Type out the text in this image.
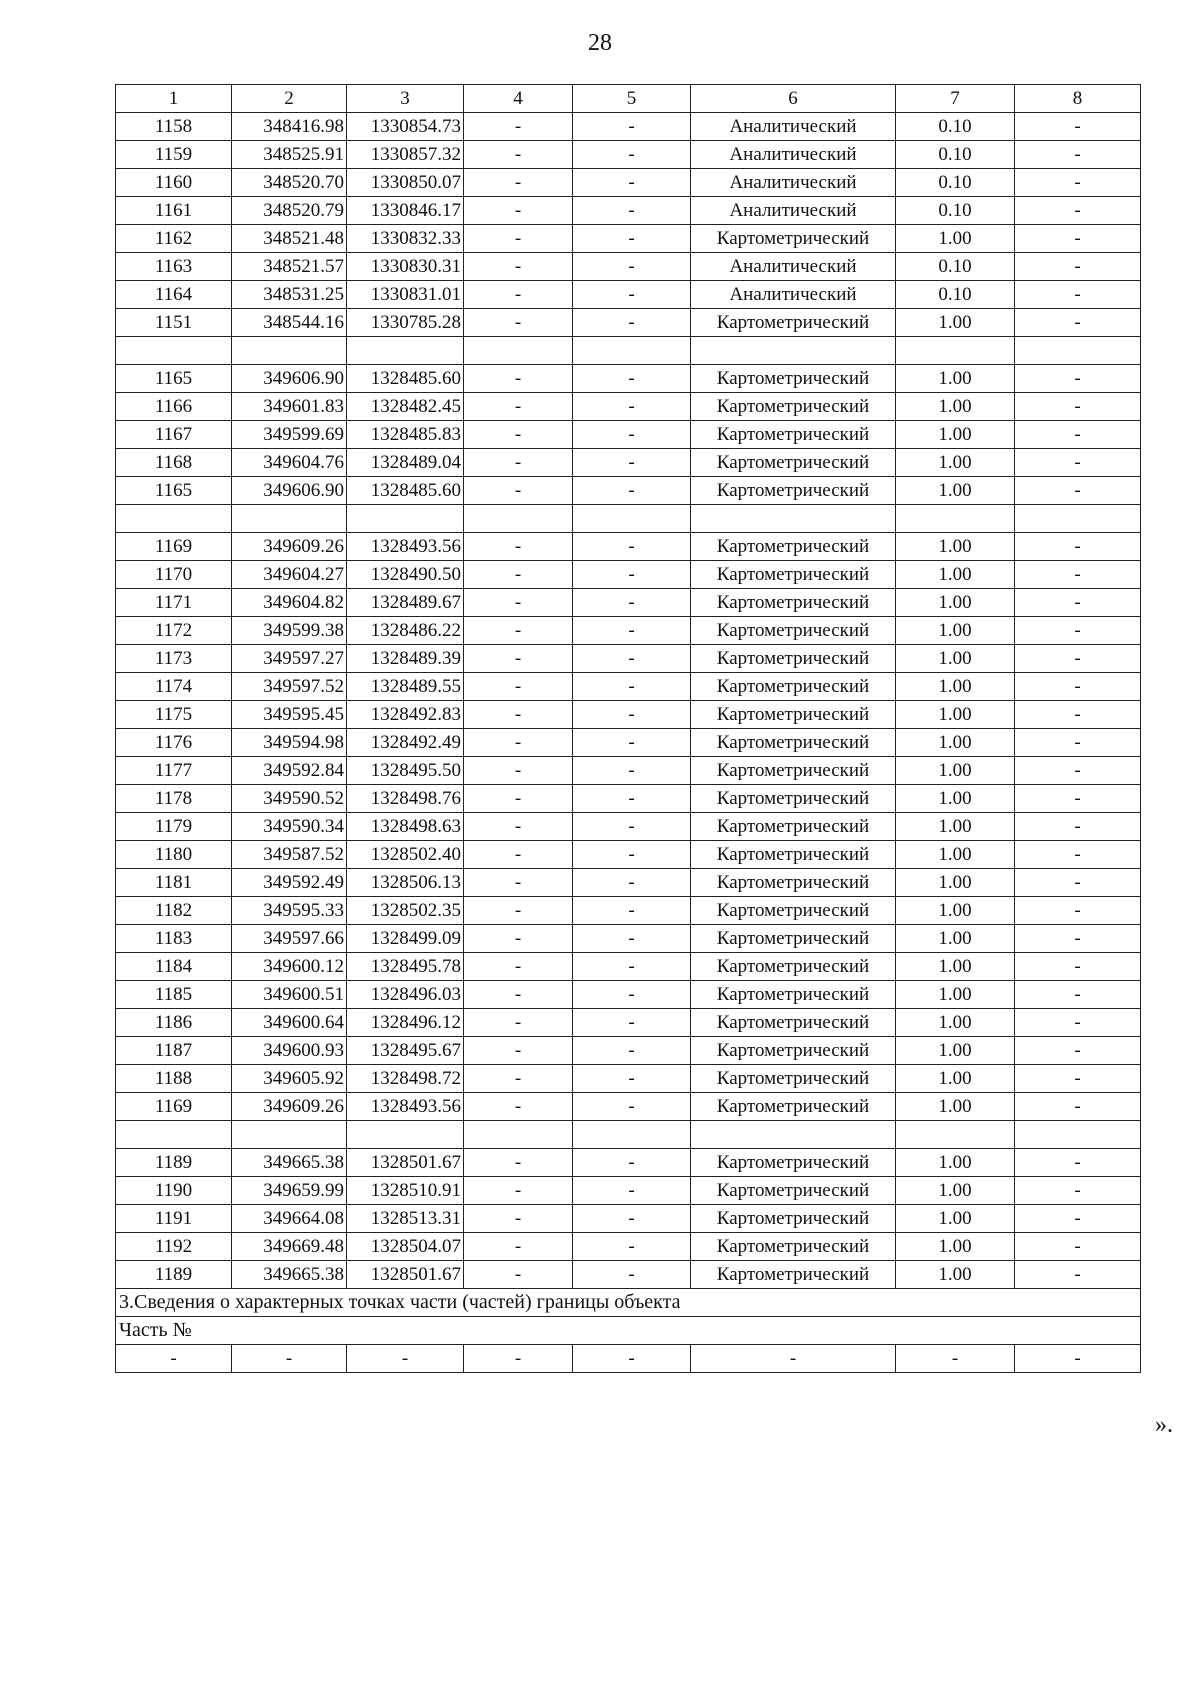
28
1	2	3	4	5	6	7	8
1158	348416.98	1330854.73	-	-	Аналитический	0.10	-
1159	348525.91	1330857.32	-	-	Аналитический	0.10	-
1160	348520.70	1330850.07	-	-	Аналитический	0.10	-
1161	348520.79	1330846.17	-	-	Аналитический	0.10	-
1162	348521.48	1330832.33	-	-	Картометрический	1.00	-
1163	348521.57	1330830.31	-	-	Аналитический	0.10	-
1164	348531.25	1330831.01	-	-	Аналитический	0.10	-
1151	348544.16	1330785.28	-	-	Картометрический	1.00	-

1165	349606.90	1328485.60	-	-	Картометрический	1.00	-
1166	349601.83	1328482.45	-	-	Картометрический	1.00	-
1167	349599.69	1328485.83	-	-	Картометрический	1.00	-
1168	349604.76	1328489.04	-	-	Картометрический	1.00	-
1165	349606.90	1328485.60	-	-	Картометрический	1.00	-

1169	349609.26	1328493.56	-	-	Картометрический	1.00	-
1170	349604.27	1328490.50	-	-	Картометрический	1.00	-
1171	349604.82	1328489.67	-	-	Картометрический	1.00	-
1172	349599.38	1328486.22	-	-	Картометрический	1.00	-
1173	349597.27	1328489.39	-	-	Картометрический	1.00	-
1174	349597.52	1328489.55	-	-	Картометрический	1.00	-
1175	349595.45	1328492.83	-	-	Картометрический	1.00	-
1176	349594.98	1328492.49	-	-	Картометрический	1.00	-
1177	349592.84	1328495.50	-	-	Картометрический	1.00	-
1178	349590.52	1328498.76	-	-	Картометрический	1.00	-
1179	349590.34	1328498.63	-	-	Картометрический	1.00	-
1180	349587.52	1328502.40	-	-	Картометрический	1.00	-
1181	349592.49	1328506.13	-	-	Картометрический	1.00	-
1182	349595.33	1328502.35	-	-	Картометрический	1.00	-
1183	349597.66	1328499.09	-	-	Картометрический	1.00	-
1184	349600.12	1328495.78	-	-	Картометрический	1.00	-
1185	349600.51	1328496.03	-	-	Картометрический	1.00	-
1186	349600.64	1328496.12	-	-	Картометрический	1.00	-
1187	349600.93	1328495.67	-	-	Картометрический	1.00	-
1188	349605.92	1328498.72	-	-	Картометрический	1.00	-
1169	349609.26	1328493.56	-	-	Картометрический	1.00	-

1189	349665.38	1328501.67	-	-	Картометрический	1.00	-
1190	349659.99	1328510.91	-	-	Картометрический	1.00	-
1191	349664.08	1328513.31	-	-	Картометрический	1.00	-
1192	349669.48	1328504.07	-	-	Картометрический	1.00	-
1189	349665.38	1328501.67	-	-	Картометрический	1.00	-
3.Сведения о характерных точках части (частей) границы объекта							
Часть №							
-	-	-	-	-	-	-	-
».
